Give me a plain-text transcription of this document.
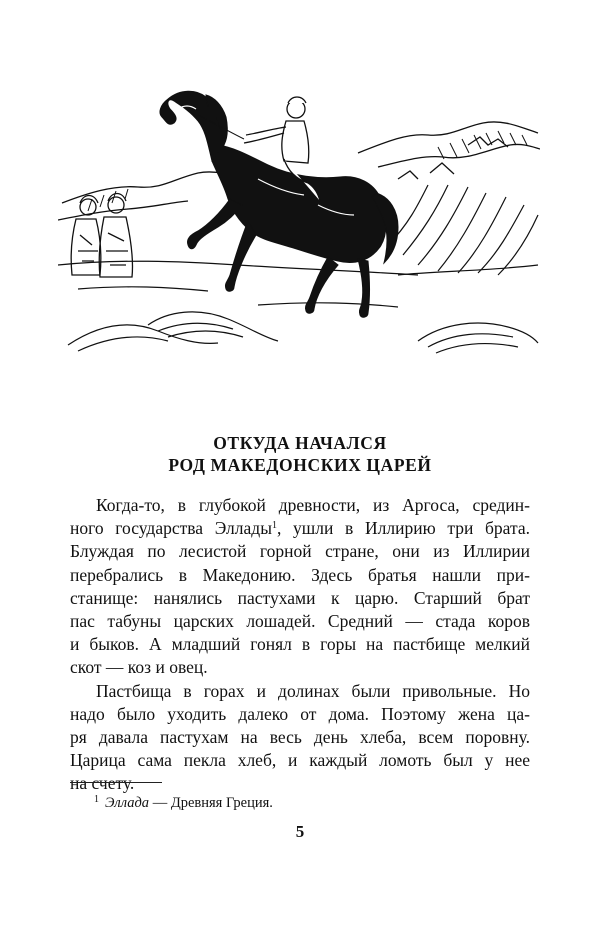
ОТКУДА НАЧАЛСЯ
РОД МАКЕДОНСКИХ ЦАРЕЙ
Когда-то, в глубокой древности, из Аргоса, средин-
ного государства Эллады$^1$, ушли в Иллирию три брата.
Блуждая по лесистой горной стране, они из Иллирии
перебрались в Македонию. Здесь братья нашли при-
станище: нанялись пастухами к царю. Старший брат
пас табуны царских лошадей. Средний — стада коров
и быков. А младший гонял в горы на пастбище мелкий
скот — коз и овец.
Пастбища в горах и долинах были привольные. Но
надо было уходить далеко от дома. Поэтому жена ца-
ря давала пастухам на весь день хлеба, всем поровну.
Царица сама пекла хлеб, и каждый ломоть был у нее
на счету.
$^1$ Эллада — Древняя Греция.
5
